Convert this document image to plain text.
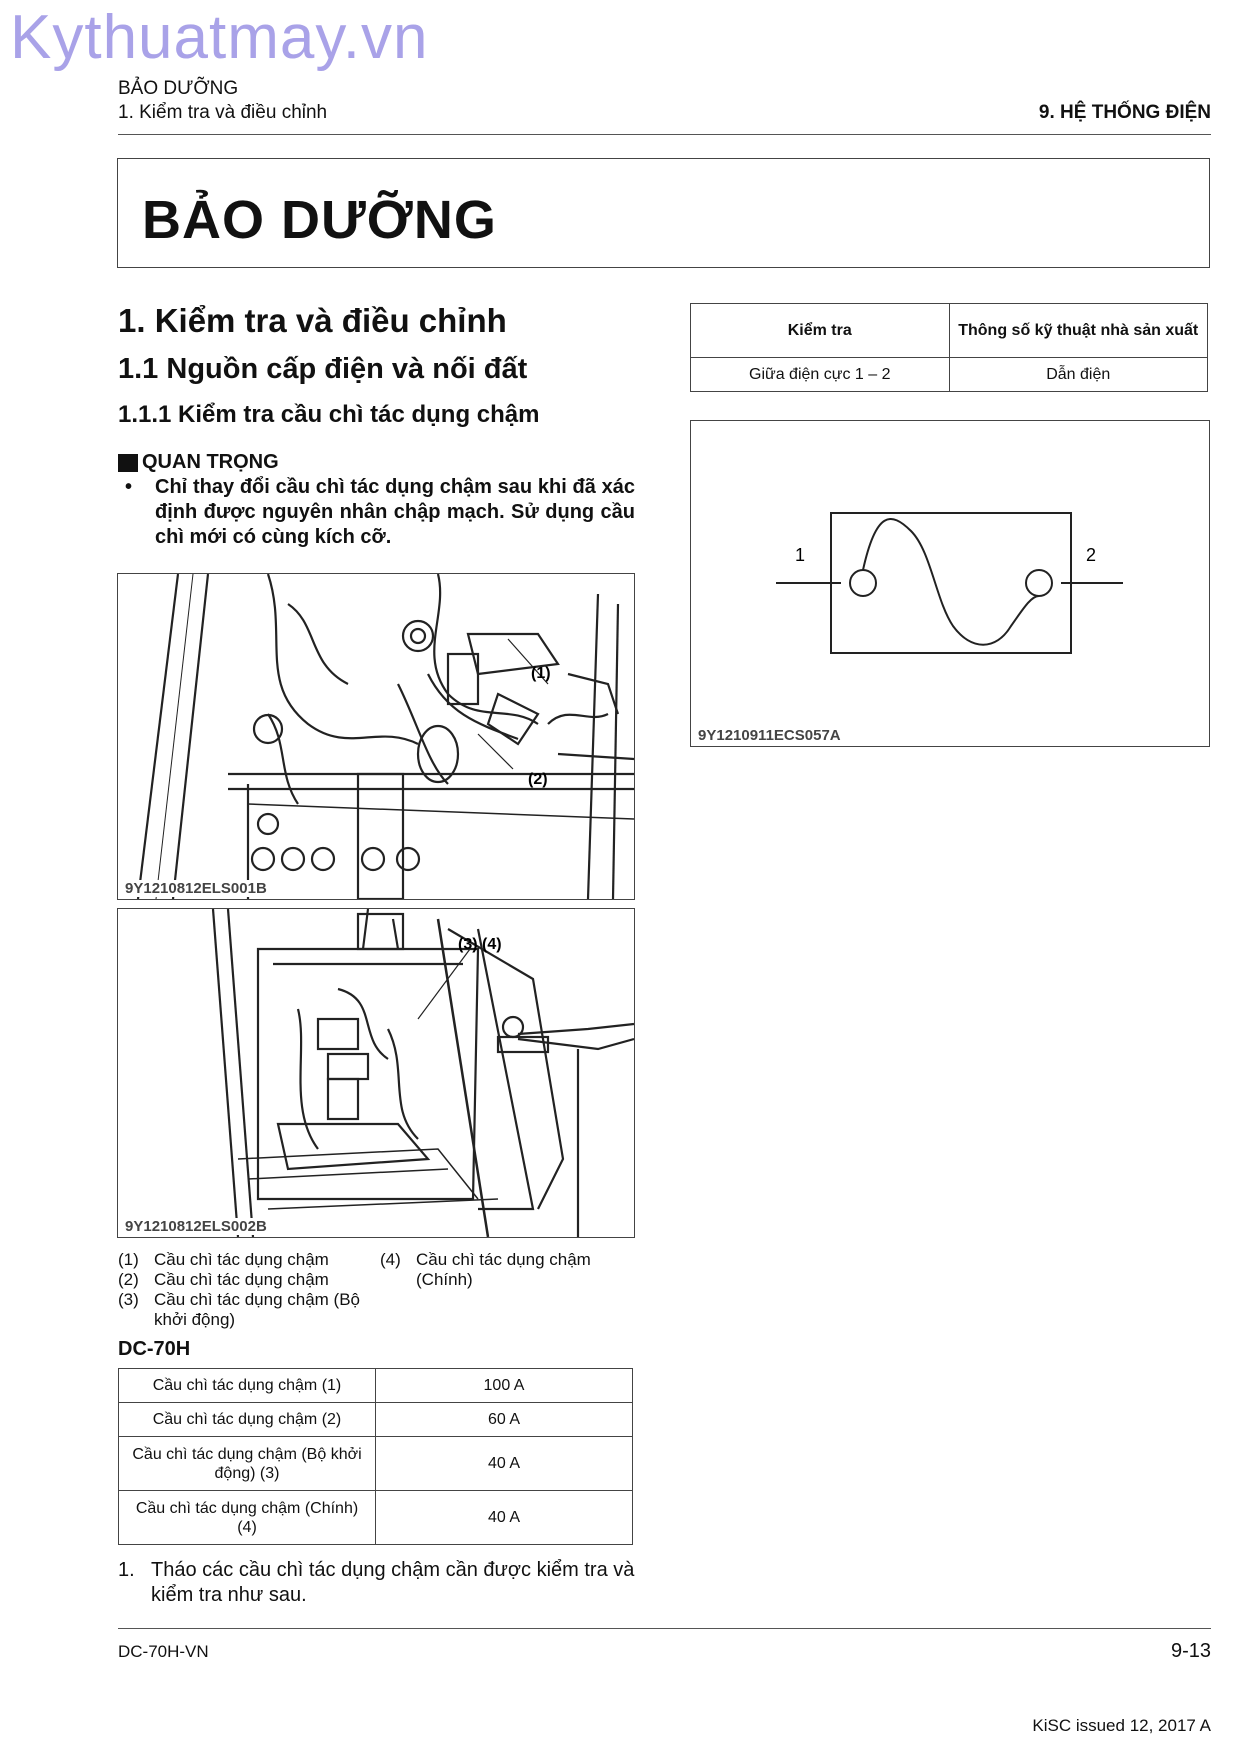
Kythuatmay.vn
BẢO DƯỠNG
1. Kiểm tra và điều chỉnh	9. HỆ THỐNG ĐIỆN
BẢO DƯỠNG
1. Kiểm tra và điều chỉnh
1.1 Nguồn cấp điện và nối đất
1.1.1 Kiểm tra cầu chì tác dụng chậm
QUAN TRỌNG
• Chỉ thay đổi cầu chì tác dụng chậm sau khi đã xác định được nguyên nhân chập mạch. Sử dụng cầu chì mới có cùng kích cỡ.
(1)
(2)
9Y1210812ELS001B
(3) (4)
9Y1210812ELS002B
(1) Cầu chì tác dụng chậm
(2) Cầu chì tác dụng chậm
(3) Cầu chì tác dụng chậm (Bộ khởi động)
(4) Cầu chì tác dụng chậm (Chính)
DC-70H
Cầu chì tác dụng chậm (1)	100 A
Cầu chì tác dụng chậm (2)	60 A
Cầu chì tác dụng chậm (Bộ khởi động) (3)	40 A
Cầu chì tác dụng chậm (Chính) (4)	40 A
1. Tháo các cầu chì tác dụng chậm cần được kiểm tra và kiểm tra như sau.
Kiểm tra	Thông số kỹ thuật nhà sản xuất
Giữa điện cực 1 – 2	Dẫn điện
1	2
9Y1210911ECS057A
DC-70H-VN	9-13
KiSC issued 12, 2017 A
